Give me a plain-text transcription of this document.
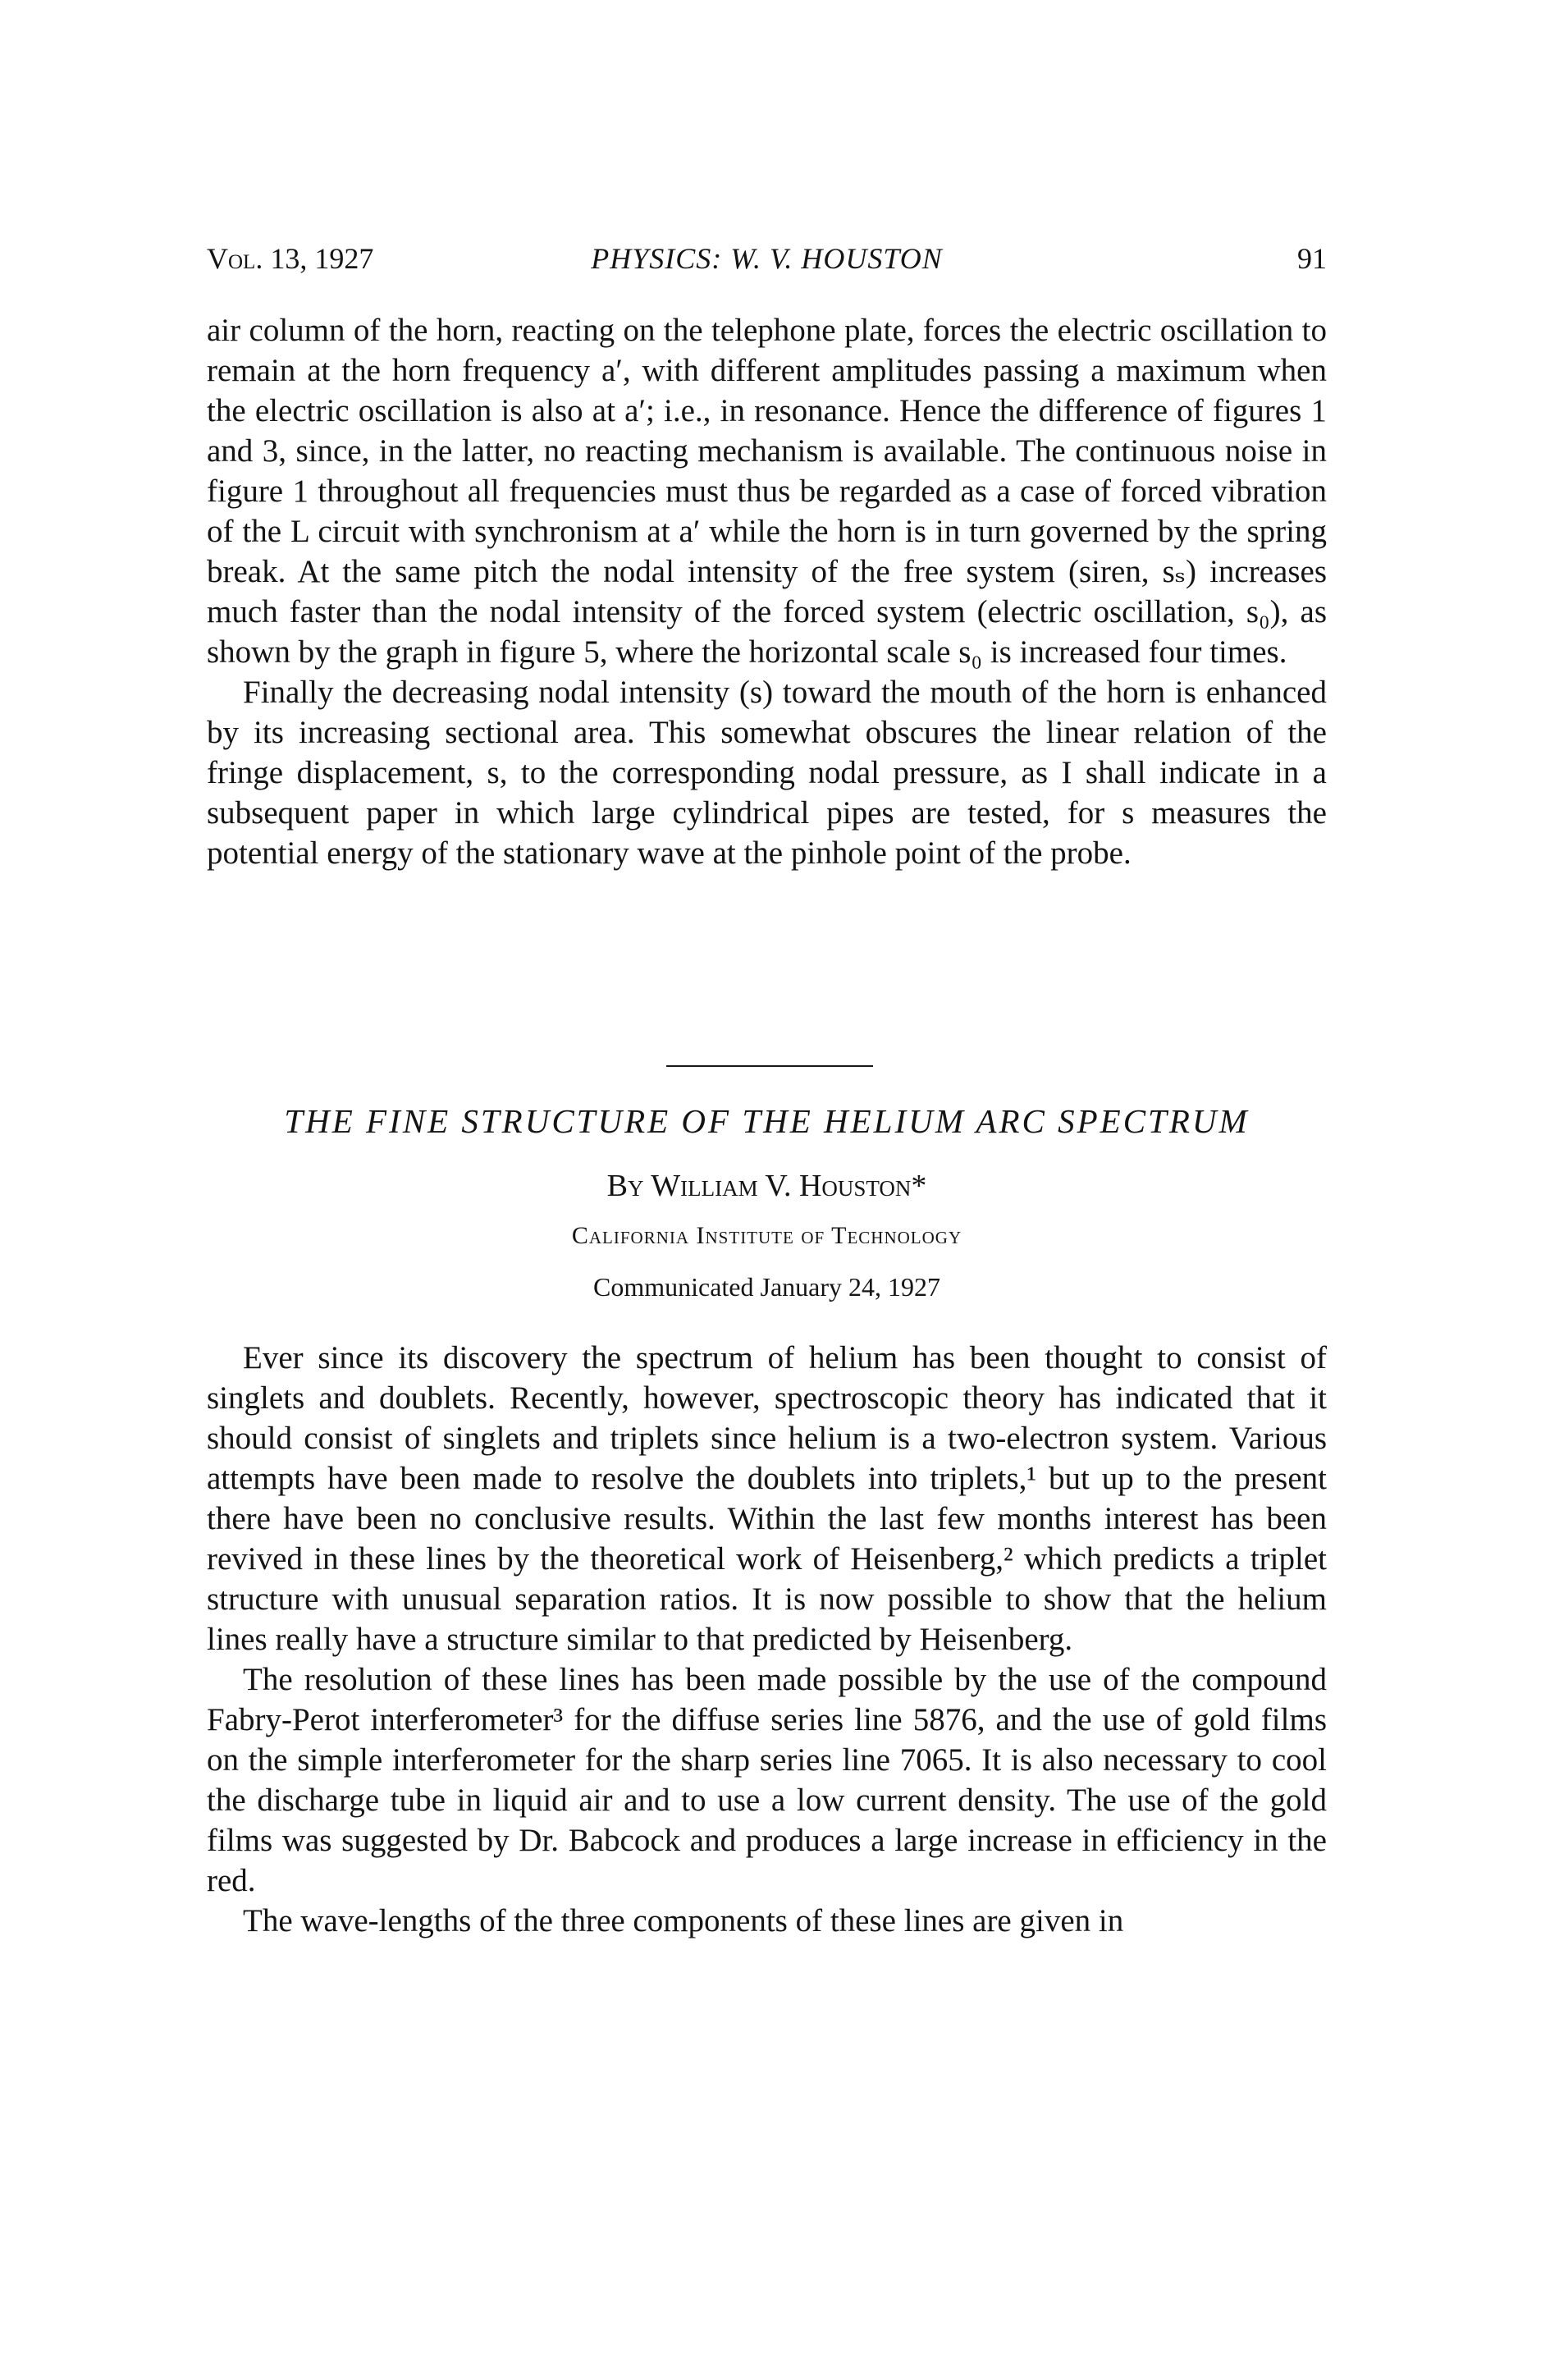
Vol. 13, 1927	PHYSICS: W. V. HOUSTON	91

air column of the horn, reacting on the telephone plate, forces the electric oscillation to remain at the horn frequency a′, with different amplitudes passing a maximum when the electric oscillation is also at a′; i.e., in resonance. Hence the difference of figures 1 and 3, since, in the latter, no reacting mechanism is available. The continuous noise in figure 1 throughout all frequencies must thus be regarded as a case of forced vibration of the L circuit with synchronism at a′ while the horn is in turn governed by the spring break. At the same pitch the nodal intensity of the free system (siren, sₛ) increases much faster than the nodal intensity of the forced system (electric oscillation, s₀), as shown by the graph in figure 5, where the horizontal scale s₀ is increased four times.

Finally the decreasing nodal intensity (s) toward the mouth of the horn is enhanced by its increasing sectional area. This somewhat obscures the linear relation of the fringe displacement, s, to the corresponding nodal pressure, as I shall indicate in a subsequent paper in which large cylindrical pipes are tested, for s measures the potential energy of the stationary wave at the pinhole point of the probe.

THE FINE STRUCTURE OF THE HELIUM ARC SPECTRUM
By William V. Houston*
California Institute of Technology
Communicated January 24, 1927

Ever since its discovery the spectrum of helium has been thought to consist of singlets and doublets. Recently, however, spectroscopic theory has indicated that it should consist of singlets and triplets since helium is a two-electron system. Various attempts have been made to resolve the doublets into triplets,¹ but up to the present there have been no conclusive results. Within the last few months interest has been revived in these lines by the theoretical work of Heisenberg,² which predicts a triplet structure with unusual separation ratios. It is now possible to show that the helium lines really have a structure similar to that predicted by Heisenberg.

The resolution of these lines has been made possible by the use of the compound Fabry-Perot interferometer³ for the diffuse series line 5876, and the use of gold films on the simple interferometer for the sharp series line 7065. It is also necessary to cool the discharge tube in liquid air and to use a low current density. The use of the gold films was suggested by Dr. Babcock and produces a large increase in efficiency in the red.

The wave-lengths of the three components of these lines are given in
